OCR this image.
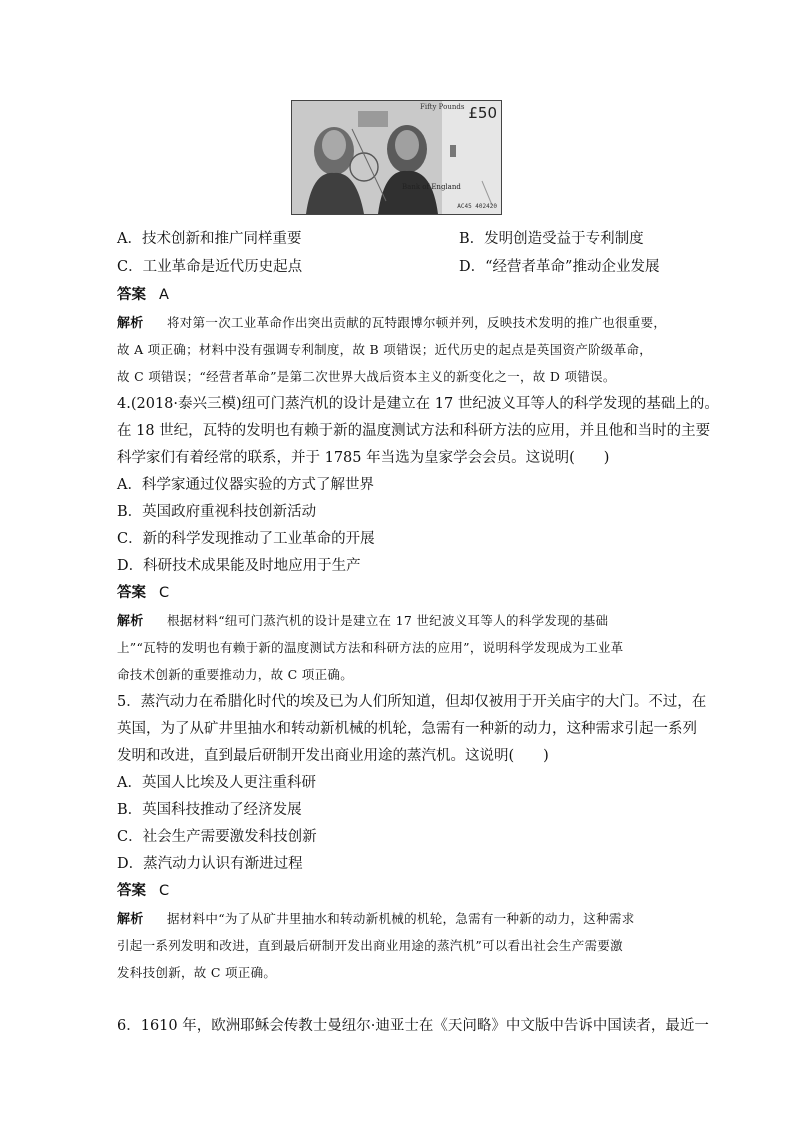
£50
Fifty Pounds
Bank of England
AC45 402420
A．技术创新和推广同样重要	B．发明创造受益于专利制度
C．工业革命是近代历史起点	D．“经营者革命”推动企业发展
答案 A
解析 将对第一次工业革命作出突出贡献的瓦特跟博尔顿并列，反映技术发明的推广也很重要，
故 A 项正确；材料中没有强调专利制度，故 B 项错误；近代历史的起点是英国资产阶级革命，
故 C 项错误；“经营者革命”是第二次世界大战后资本主义的新变化之一，故 D 项错误。
4.(2018·泰兴三模)纽可门蒸汽机的设计是建立在 17 世纪波义耳等人的科学发现的基础上的。
在 18 世纪，瓦特的发明也有赖于新的温度测试方法和科研方法的应用，并且他和当时的主要
科学家们有着经常的联系，并于 1785 年当选为皇家学会会员。这说明(　　)
A．科学家通过仪器实验的方式了解世界
B．英国政府重视科技创新活动
C．新的科学发现推动了工业革命的开展
D．科研技术成果能及时地应用于生产
答案 C
解析 根据材料“纽可门蒸汽机的设计是建立在 17 世纪波义耳等人的科学发现的基础
上”“瓦特的发明也有赖于新的温度测试方法和科研方法的应用”，说明科学发现成为工业革
命技术创新的重要推动力，故 C 项正确。
5．蒸汽动力在希腊化时代的埃及已为人们所知道，但却仅被用于开关庙宇的大门。不过，在
英国，为了从矿井里抽水和转动新机械的机轮，急需有一种新的动力，这种需求引起一系列
发明和改进，直到最后研制开发出商业用途的蒸汽机。这说明(　　)
A．英国人比埃及人更注重科研
B．英国科技推动了经济发展
C．社会生产需要激发科技创新
D．蒸汽动力认识有渐进过程
答案 C
解析 据材料中“为了从矿井里抽水和转动新机械的机轮，急需有一种新的动力，这种需求
引起一系列发明和改进，直到最后研制开发出商业用途的蒸汽机”可以看出社会生产需要激
发科技创新，故 C 项正确。
6．1610 年，欧洲耶稣会传教士曼纽尔·迪亚士在《天问略》中文版中告诉中国读者，最近一
